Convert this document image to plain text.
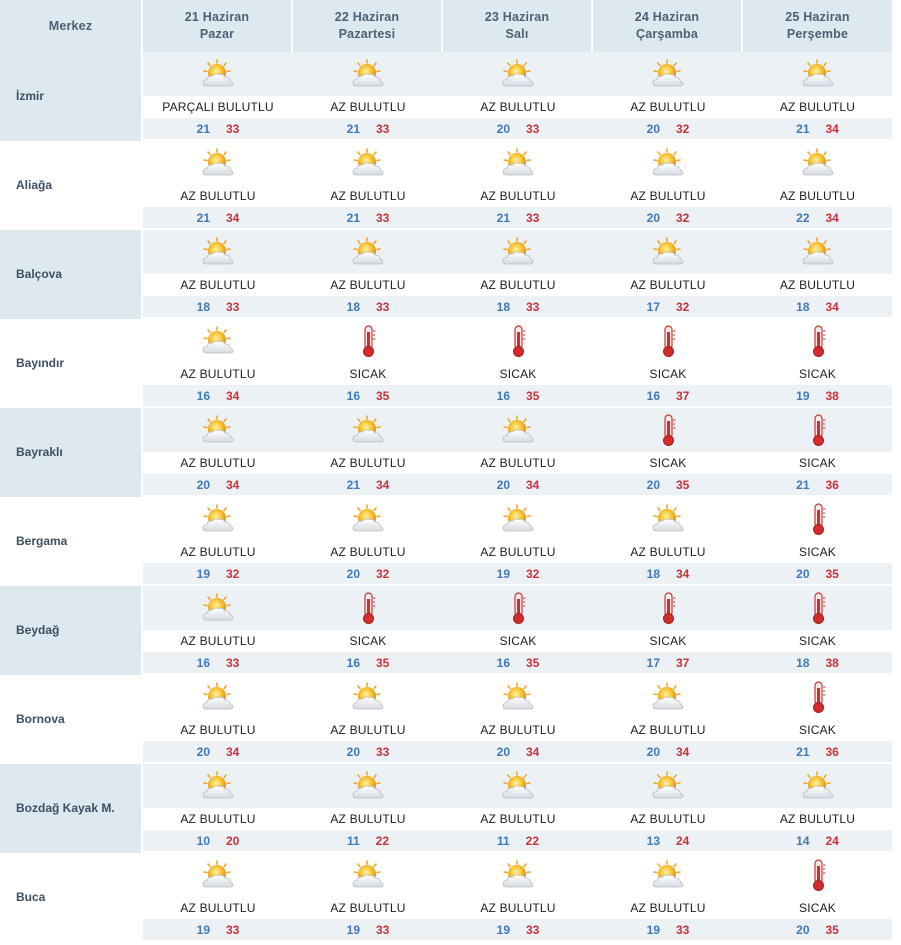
Merkez
21 Haziran
Pazar
22 Haziran
Pazartesi
23 Haziran
Salı
24 Haziran
Çarşamba
25 Haziran
Perşembe
İzmir
PARÇALI BULUTLU
21 33
AZ BULUTLU
21 33
AZ BULUTLU
20 33
AZ BULUTLU
20 32
AZ BULUTLU
21 34
Aliağa
AZ BULUTLU
21 34
AZ BULUTLU
21 33
AZ BULUTLU
21 33
AZ BULUTLU
20 32
AZ BULUTLU
22 34
Balçova
AZ BULUTLU
18 33
AZ BULUTLU
18 33
AZ BULUTLU
18 33
AZ BULUTLU
17 32
AZ BULUTLU
18 34
Bayındır
AZ BULUTLU
16 34
SICAK
16 35
SICAK
16 35
SICAK
16 37
SICAK
19 38
Bayraklı
AZ BULUTLU
20 34
AZ BULUTLU
21 34
AZ BULUTLU
20 34
SICAK
20 35
SICAK
21 36
Bergama
AZ BULUTLU
19 32
AZ BULUTLU
20 32
AZ BULUTLU
19 32
AZ BULUTLU
18 34
SICAK
20 35
Beydağ
AZ BULUTLU
16 33
SICAK
16 35
SICAK
16 35
SICAK
17 37
SICAK
18 38
Bornova
AZ BULUTLU
20 34
AZ BULUTLU
20 33
AZ BULUTLU
20 34
AZ BULUTLU
20 34
SICAK
21 36
Bozdağ Kayak M.
AZ BULUTLU
10 20
AZ BULUTLU
11 22
AZ BULUTLU
11 22
AZ BULUTLU
13 24
AZ BULUTLU
14 24
Buca
AZ BULUTLU
19 33
AZ BULUTLU
19 33
AZ BULUTLU
19 33
AZ BULUTLU
19 33
SICAK
20 35
